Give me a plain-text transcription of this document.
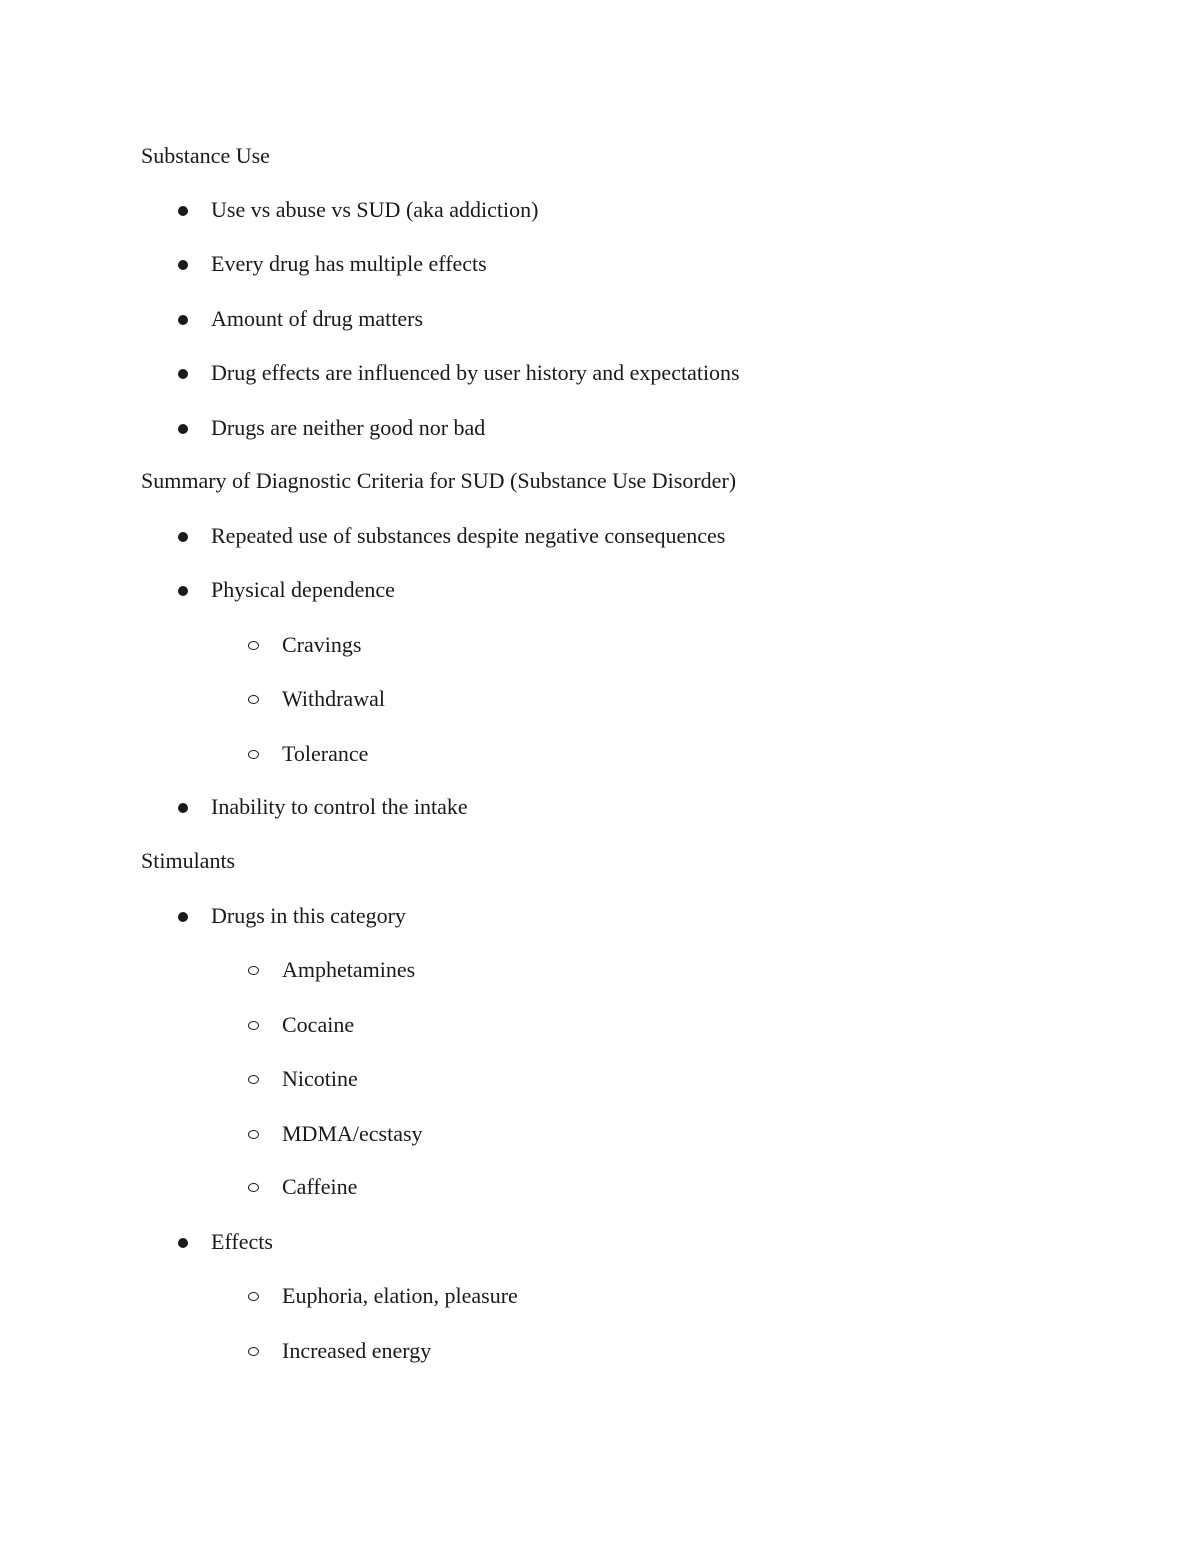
Substance Use
Use vs abuse vs SUD (aka addiction)
Every drug has multiple effects
Amount of drug matters
Drug effects are influenced by user history and expectations
Drugs are neither good nor bad
Summary of Diagnostic Criteria for SUD (Substance Use Disorder)
Repeated use of substances despite negative consequences
Physical dependence
Cravings
Withdrawal
Tolerance
Inability to control the intake
Stimulants
Drugs in this category
Amphetamines
Cocaine
Nicotine
MDMA/ecstasy
Caffeine
Effects
Euphoria, elation, pleasure
Increased energy
